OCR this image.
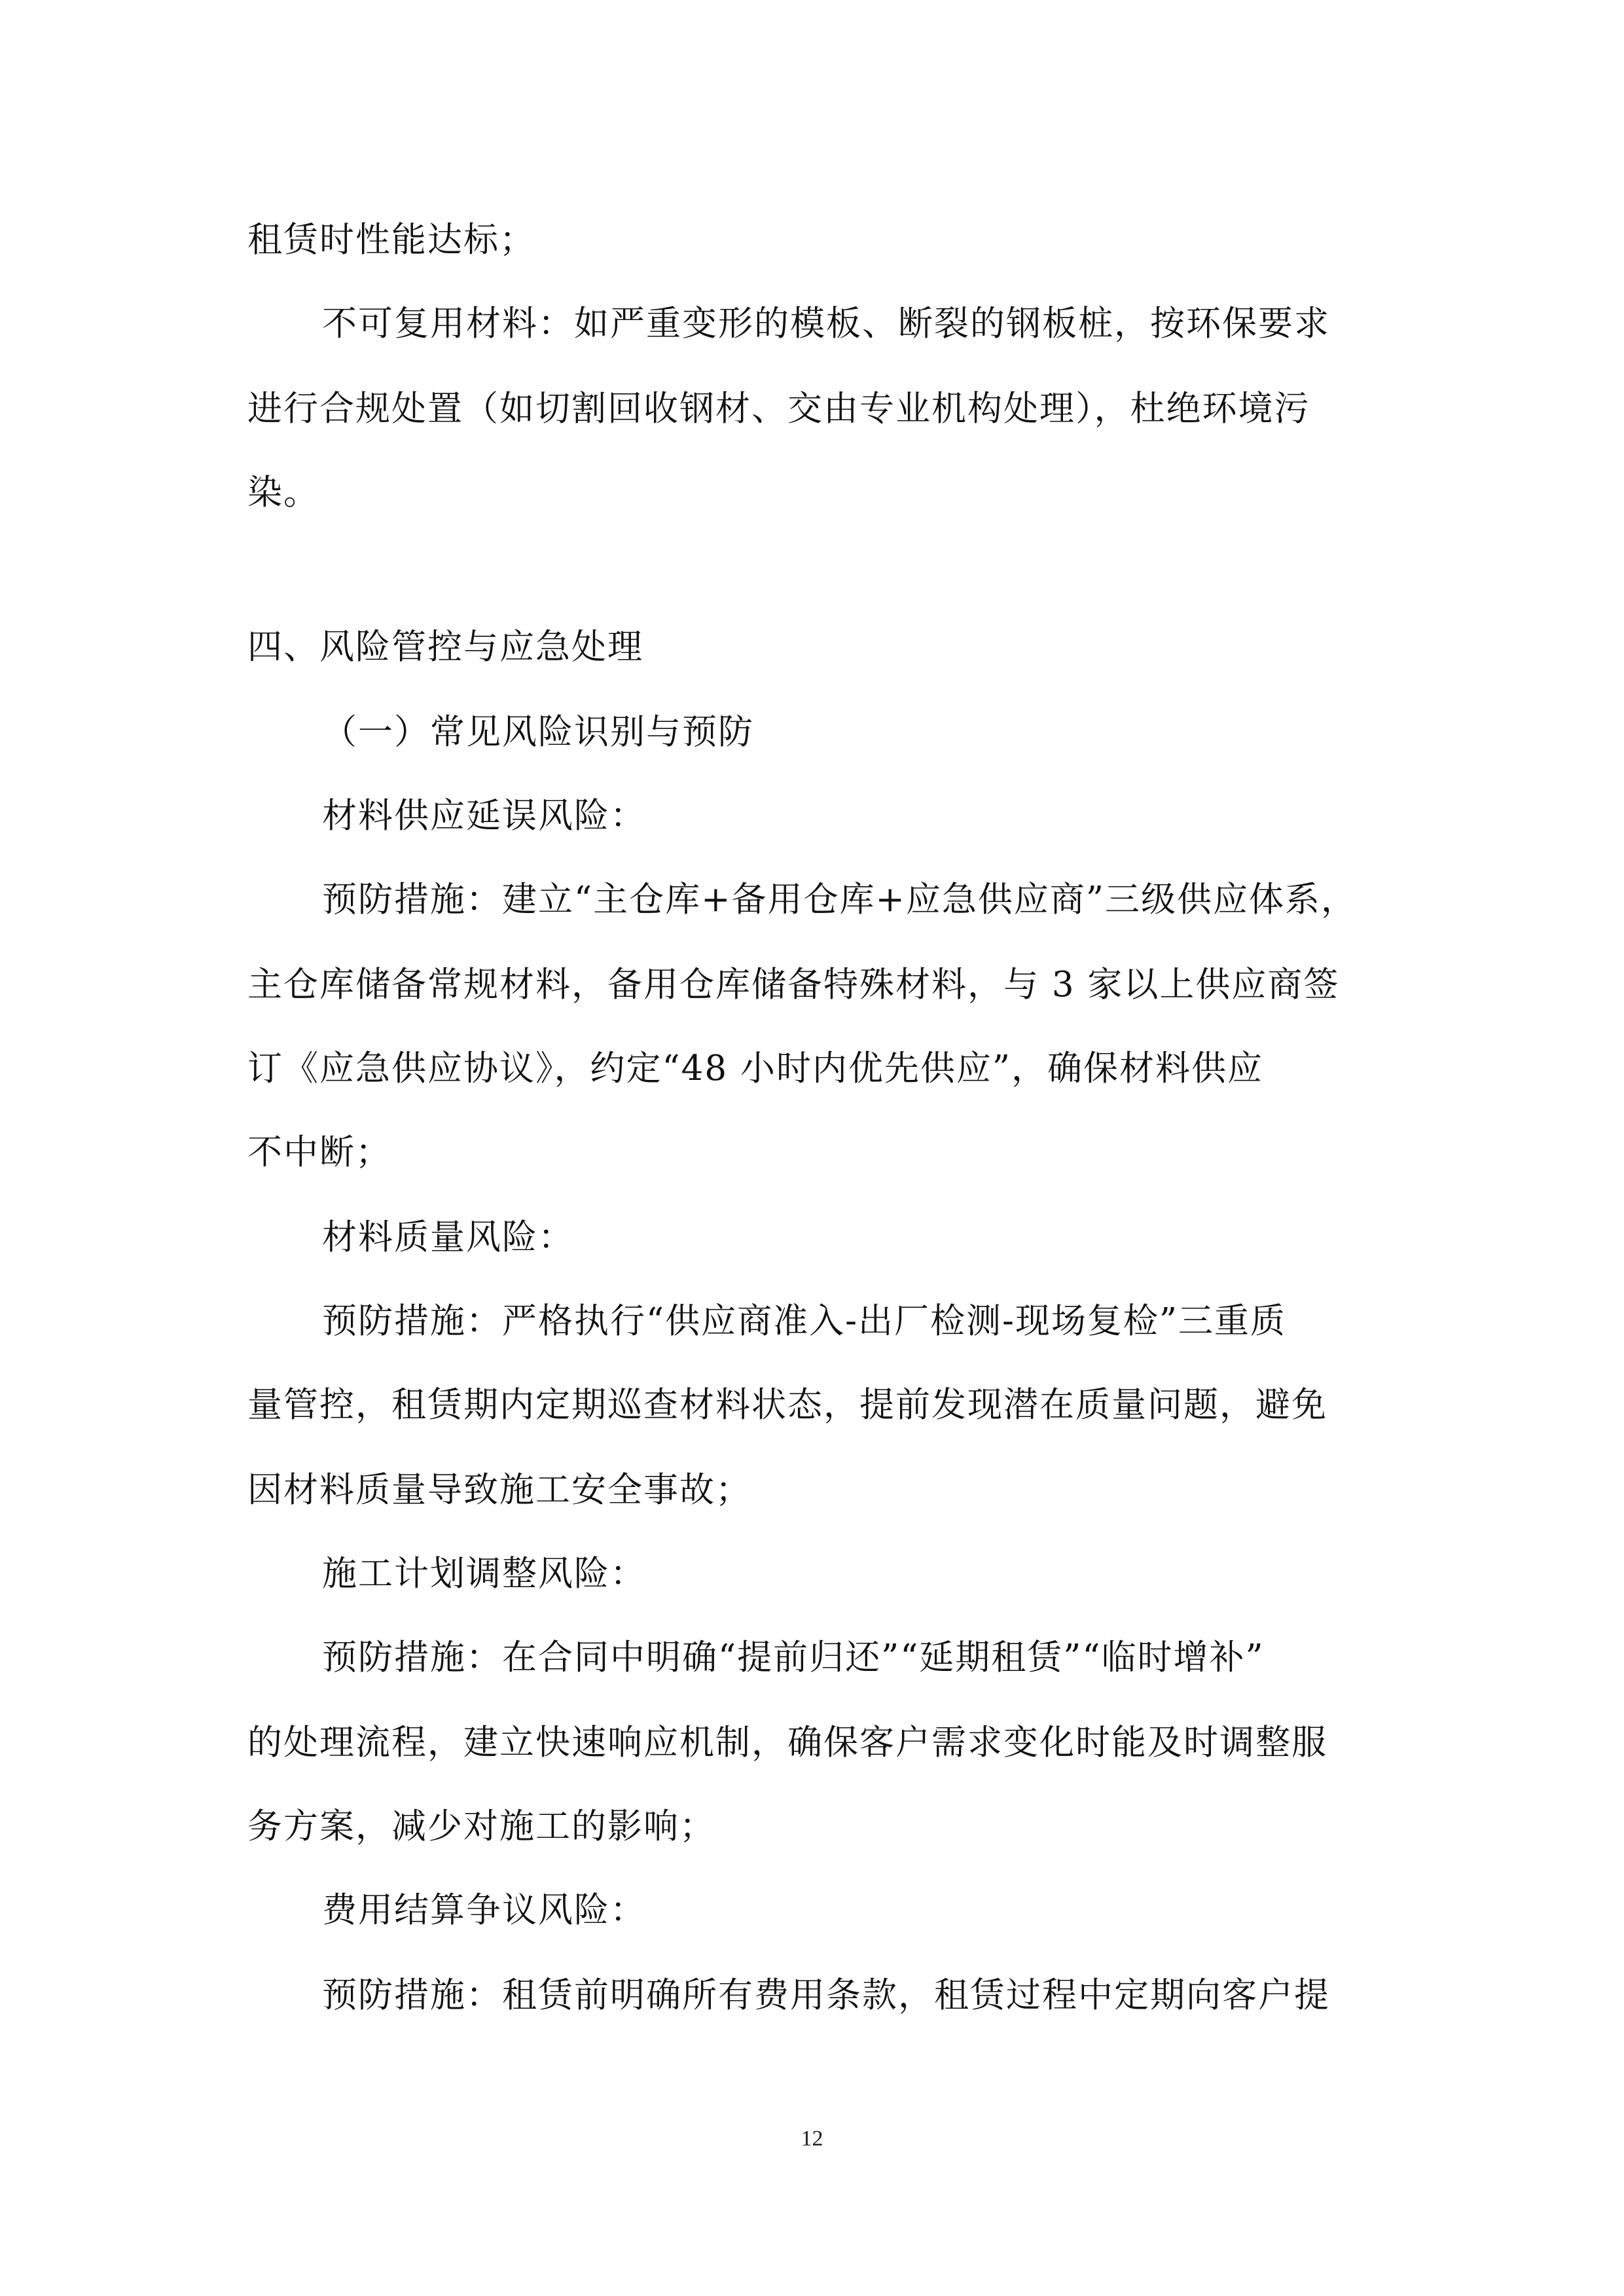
租赁时性能达标；
不可复用材料：如严重变形的模板、断裂的钢板桩，按环保要求
进行合规处置（如切割回收钢材、交由专业机构处理），杜绝环境污
染。
四、风险管控与应急处理
（一）常见风险识别与预防
材料供应延误风险：
预防措施：建立“主仓库+备用仓库+应急供应商”三级供应体系，
主仓库储备常规材料，备用仓库储备特殊材料，与 3 家以上供应商签
订《应急供应协议》，约定“48 小时内优先供应”，确保材料供应
不中断；
材料质量风险：
预防措施：严格执行“供应商准入-出厂检测-现场复检”三重质
量管控，租赁期内定期巡查材料状态，提前发现潜在质量问题，避免
因材料质量导致施工安全事故；
施工计划调整风险：
预防措施：在合同中明确“提前归还”“延期租赁”“临时增补”
的处理流程，建立快速响应机制，确保客户需求变化时能及时调整服
务方案，减少对施工的影响；
费用结算争议风险：
预防措施：租赁前明确所有费用条款，租赁过程中定期向客户提
12
